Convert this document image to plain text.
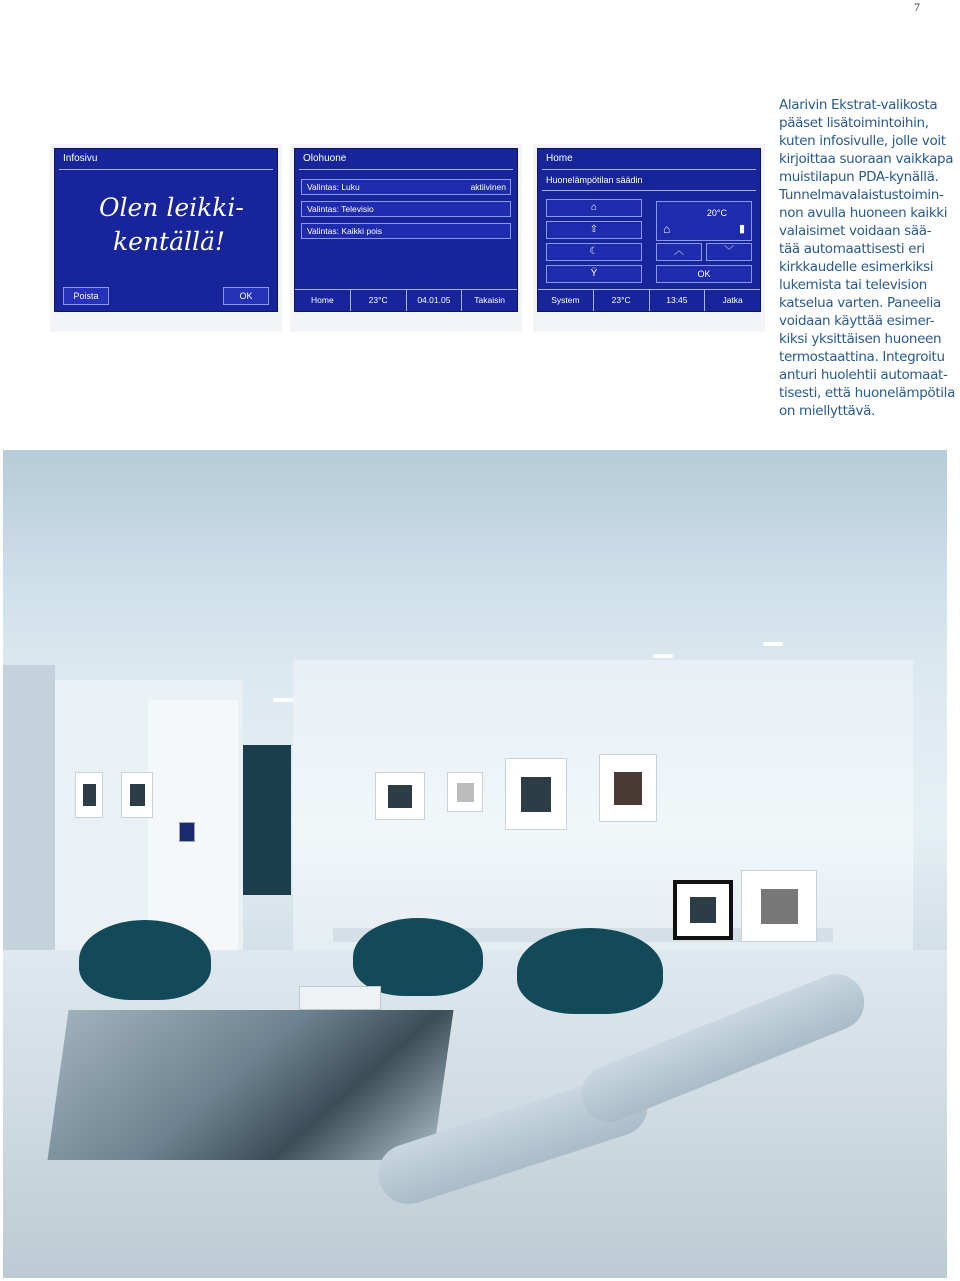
7
Infosivu
Olen leikki-
kentällä!
Poista	OK
Olohuone
Valintas: Luku	aktiivinen
Valintas: Televisio
Valintas: Kaikki pois
Home	23°C	04.01.05	Takaisin
Home
Huonelämpötilan säädin
⌂
⇧
☾
Ÿ
20°C
⌂	▮
︿	﹀
OK
System	23°C	13:45	Jatka
Alarivin Ekstrat-valikosta
pääset lisätoimintoihin,
kuten infosivulle, jolle voit
kirjoittaa suoraan vaikkapa
muistilapun PDA-kynällä.
Tunnelmavalaistustoimin-
non avulla huoneen kaikki
valaisimet voidaan sää-
tää automaattisesti eri
kirkkaudelle esimerkiksi
lukemista tai television
katselua varten. Paneelia
voidaan käyttää esimer-
kiksi yksittäisen huoneen
termostaattina. Integroitu
anturi huolehtii automaat-
tisesti, että huonelämpötila
on miellyttävä.
